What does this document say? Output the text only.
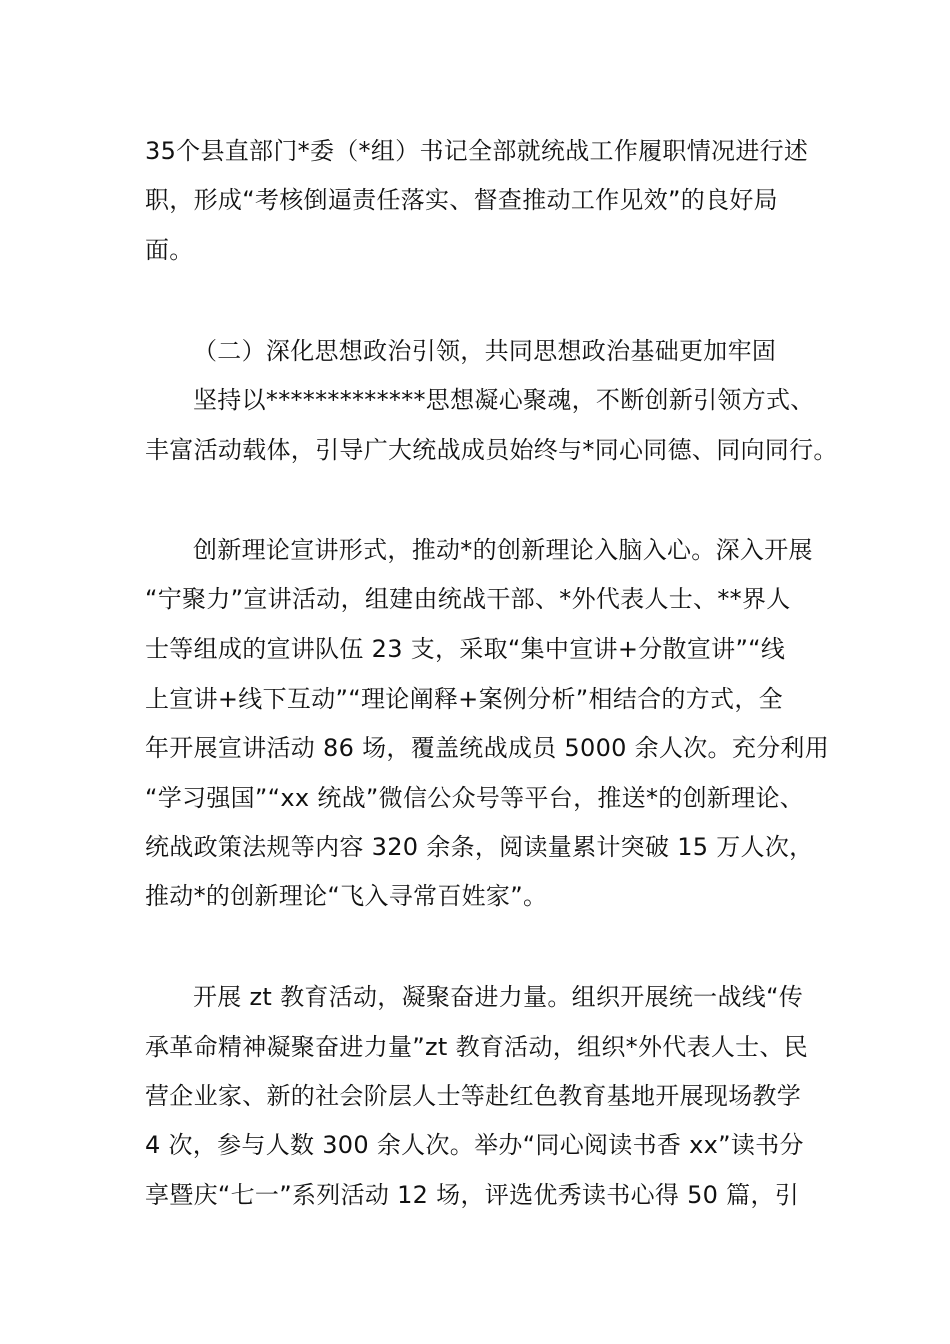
35个县直部门*委（*组）书记全部就统战工作履职情况进行述
职，形成“考核倒逼责任落实、督查推动工作见效”的良好局
面。
（二）深化思想政治引领，共同思想政治基础更加牢固
坚持以*************思想凝心聚魂，不断创新引领方式、
丰富活动载体，引导广大统战成员始终与*同心同德、同向同行。
创新理论宣讲形式，推动*的创新理论入脑入心。深入开展
“宁聚力”宣讲活动，组建由统战干部、*外代表人士、**界人
士等组成的宣讲队伍 23 支，采取“集中宣讲+分散宣讲”“线
上宣讲+线下互动”“理论阐释+案例分析”相结合的方式，全
年开展宣讲活动 86 场，覆盖统战成员 5000 余人次。充分利用
“学习强国”“xx 统战”微信公众号等平台，推送*的创新理论、
统战政策法规等内容 320 余条，阅读量累计突破 15 万人次，
推动*的创新理论“飞入寻常百姓家”。
开展 zt 教育活动，凝聚奋进力量。组织开展统一战线“传
承革命精神凝聚奋进力量”zt 教育活动，组织*外代表人士、民
营企业家、新的社会阶层人士等赴红色教育基地开展现场教学
4 次，参与人数 300 余人次。举办“同心阅读书香 xx”读书分
享暨庆“七一”系列活动 12 场，评选优秀读书心得 50 篇，引
